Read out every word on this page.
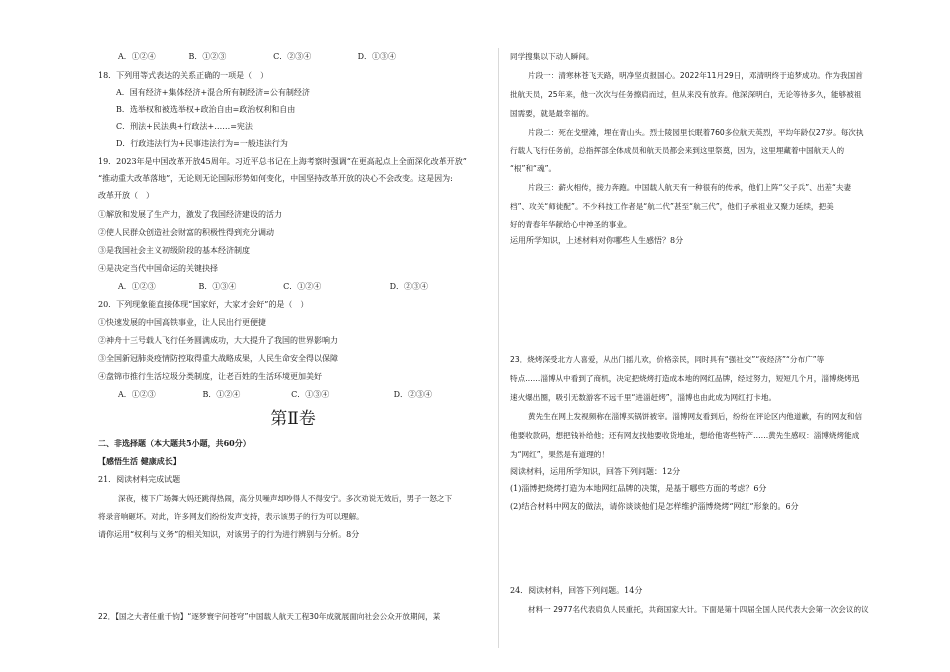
A．①②④	B．①②③	C．②③④	D．①③④
18．下列用等式表达的关系正确的一项是（　）
A．国有经济+集体经济+混合所有制经济=公有制经济
B．选举权和被选举权+政治自由=政治权利和自由
C．刑法+民法典+行政法+……=宪法
D．行政违法行为+民事违法行为=一般违法行为
19．2023年是中国改革开放45周年。习近平总书记在上海考察时强调“在更高起点上全面深化改革开放”
“推动重大改革落地”，无论则无论国际形势如何变化，中国坚持改革开放的决心不会改变。这是因为:
改革开放（　）
①解放和发展了生产力，激发了我国经济建设的活力
②使人民群众创造社会财富的积极性得到充分调动
③是我国社会主义初级阶段的基本经济制度
④是决定当代中国命运的关键抉择
A．①②③	B．①③④	C．①②④	D．②③④
20．下列现象能直接体现“国家好，大家才会好”的是（　）
①快速发展的中国高铁事业，让人民出行更便捷
②神舟十三号载人飞行任务圆满成功，大大提升了我国的世界影响力
③全国新冠肺炎疫情防控取得重大战略成果，人民生命安全得以保障
④盘锦市推行生活垃圾分类制度，让老百姓的生活环境更加美好
A．①②③	B．①②④	C．①③④	D．②③④
第Ⅱ卷
二、非选择题（本大题共5小题，共60分）
【感悟生活 健康成长】
21．阅读材料完成试题
深夜，楼下广场舞大妈还跳得热闹，高分贝噪声却吵得人不得安宁。多次劝说无效后，男子一怒之下
将录音响砸坏。对此，许多网友们纷纷发声支持，表示该男子的行为可以理解。
请你运用“权利与义务”的相关知识，对该男子的行为进行辨别与分析。8分
22．【国之大者任重千钧】“逐梦寰宇问苍穹”中国载人航天工程30年成就展面向社会公众开放期间，某
同学搜集以下动人瞬间。
片段一：清寒林苍飞天路，明净坚贞报国心。2022年11月29日，邓清明终于追梦成功。作为我国首
批航天员，25年来，他一次次与任务擦肩而过，但从来没有放弃。他深深明白，无论等待多久，能够被祖
国需要，就是最幸福的。
片段二：死在戈壁滩，埋在青山头。烈士陵园里长眠着760多位航天英烈，平均年龄仅27岁。每次执
行载人飞行任务前，总指挥部全体成员和航天员都会来到这里祭奠，因为，这里埋藏着中国航天人的
“根”和“魂”。
片段三：薪火相传，接力奔跑。中国载人航天有一种很有的传承，他们上阵“父子兵”、出差“夫妻
档”、攻关“师徒配”。不少科技工作者是“航二代”甚至“航三代”，他们子承祖业又聚力延续，把美
好的青春年华献给心中神圣的事业。
运用所学知识，上述材料对你哪些人生感悟？8分
23．烧烤深受北方人喜爱，从出门摇儿欢，价格亲民，同时具有“强社交”“夜经济”“分布广”等
特点……淄博从中看到了商机，决定把烧烤打造成本地的网红品牌，经过努力，短短几个月，淄博烧烤迅
速火爆出圈，吸引无数游客不远千里“进淄赶烤”，淄博也由此成为网红打卡地。
黄先生在网上发视频称在淄博买锅饼被宰。淄博网友看到后，纷纷在评论区内他道歉，有的网友和信
他要收款码，想把钱补给他；还有网友找他要收货地址，想给他寄些特产……黄先生感叹：淄博烧烤能成
为“网红”，果然是有道理的！
阅读材料，运用所学知识，回答下列问题：12分
(1)淄博把烧烤打造为本地网红品牌的决策，是基于哪些方面的考虑？6分
(2)结合材料中网友的做法，请你谈谈他们是怎样维护淄博烧烤“网红”形象的。6分
24．阅读材料，回答下列问题。14分
材料一 2977名代表肩负人民重托，共商国家大计。下面是第十四届全国人民代表大会第一次会议的议
